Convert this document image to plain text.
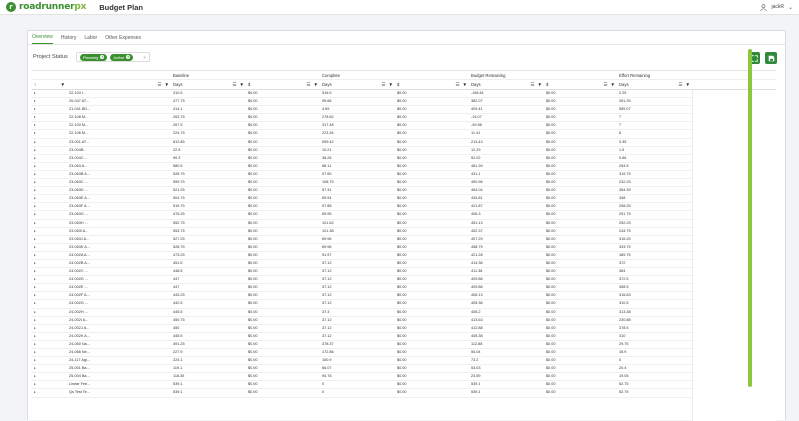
r roadrunnerpx Budget Plan	jackR ⌄
Overview History Labor Other Expenses
Project Status	Planning × Active ×	×
Baseline	Complete	Budget Remaining	Effort Remaining
↑	▼	☰ ▼ Days	☰ ▼ $	☰ ▼ Days	☰ ▼ $	☰ ▼ Days	☰ ▼ $	☰ ▼ Days	☰ ▼
▸	22-104 I...	310.5	$0.00	516.5	$0.00	-156.61	$0.00	2.25
▸	20-047 AT...	477.75	$0.00	95.68	$0.00	382.07	$0.00	261.25
▸	21-041 BD...	414.1	$0.00	4.69	$0.00	409.41	$0.00	555.07
▸	22-108 M...	263.75	$0.00	278.82	$0.00	-15.07	$0.00	7
▸	22-100 M...	267.5	$0.00	317.48	$0.00	-49.98	$0.00	7
▸	22-106 M...	224.75	$0.00	223.34	$0.00	11.41	$0.00	8
▸	23-001 AT...	812.85	$0.00	599.42	$0.00	213.43	$0.00	3.35
▸	23-004B...	22.5	$0.00	10.21	$0.00	12.29	$0.00	1.5
▸	23-004C...	90.3	$0.00	38.28	$0.00	52.02	$0.00	0.66
▸	23-063 A...	580.5	$0.00	88.11	$0.00	481.39	$0.00	294.5
▸	23-063B A...	528.75	$0.00	97.65	$0.00	431.1	$0.00	315.75
▸	23-063C ...	599.75	$0.00	108.79	$0.00	490.96	$0.00	232.25
▸	23-063D ...	521.25	$0.00	57.31	$0.00	464.04	$0.00	354.39
▸	23-063E A...	504.75	$0.00	69.94	$0.00	434.81	$0.00	348
▸	23-063F A...	519.75	$0.00	97.88	$0.00	421.87	$0.00	298.25
▸	23-063G ...	476.25	$0.00	69.95	$0.00	406.3	$0.00	291.75
▸	23-063H ...	552.75	$0.00	101.62	$0.00	451.13	$0.00	252.25
▸	23-063I A...	553.75	$0.00	101.38	$0.00	452.37	$0.00	244.75
▸	23-063J A...	527.25	$0.00	69.96	$0.00	457.29	$0.00	316.25
▸	23-063K A...	528.75	$0.00	69.96	$0.00	458.79	$0.00	333.75
▸	24-002A A...	473.25	$0.00	51.97	$0.00	421.28	$0.00	189.75
▸	24-002B A...	451.5	$0.00	37.12	$0.00	414.38	$0.00	372
▸	24-002C ...	448.5	$0.00	37.12	$0.00	411.38	$0.00	364
▸	24-002D ...	447	$0.00	37.12	$0.00	409.88	$0.00	372.5
▸	24-002E ...	447	$0.00	37.12	$0.00	409.88	$0.00	358.5
▸	24-002F A...	443.25	$0.00	37.12	$0.00	406.13	$0.00	316.83
▸	24-002G ...	442.5	$0.00	37.12	$0.00	405.38	$0.00	310.5
▸	24-002H ...	445.5	$0.00	37.3	$0.00	408.2	$0.00	313.38
▸	24-002I A...	450.75	$0.00	37.12	$0.00	413.63	$0.00	230.88
▸	24-002J A...	450	$0.00	37.12	$0.00	412.88	$0.00	378.5
▸	24-002K A...	445.5	$0.00	37.12	$0.00	408.38	$0.00	310
▸	24-060 Na...	491.25	$0.00	378.37	$0.00	112.88	$0.00	29.75
▸	24-066 Ne...	227.9	$0.00	172.86	$0.00	55.04	$0.00	16.9
▸	24-117 Agi...	224.1	$0.00	150.9	$0.00	73.2	$0.00	0
▸	25-001 Ba...	119.1	$0.00	66.07	$0.00	53.03	$0.00	20.4
▸	25-004 Ba...	118.35	$0.00	94.76	$0.00	23.59	$0.00	19.05
▸	Linear Fee...	539.1	$0.00	0	$0.00	539.1	$0.00	52.75
▸	Qs Test Te...	539.1	$0.00	0	$0.00	539.1	$0.00	52.75
